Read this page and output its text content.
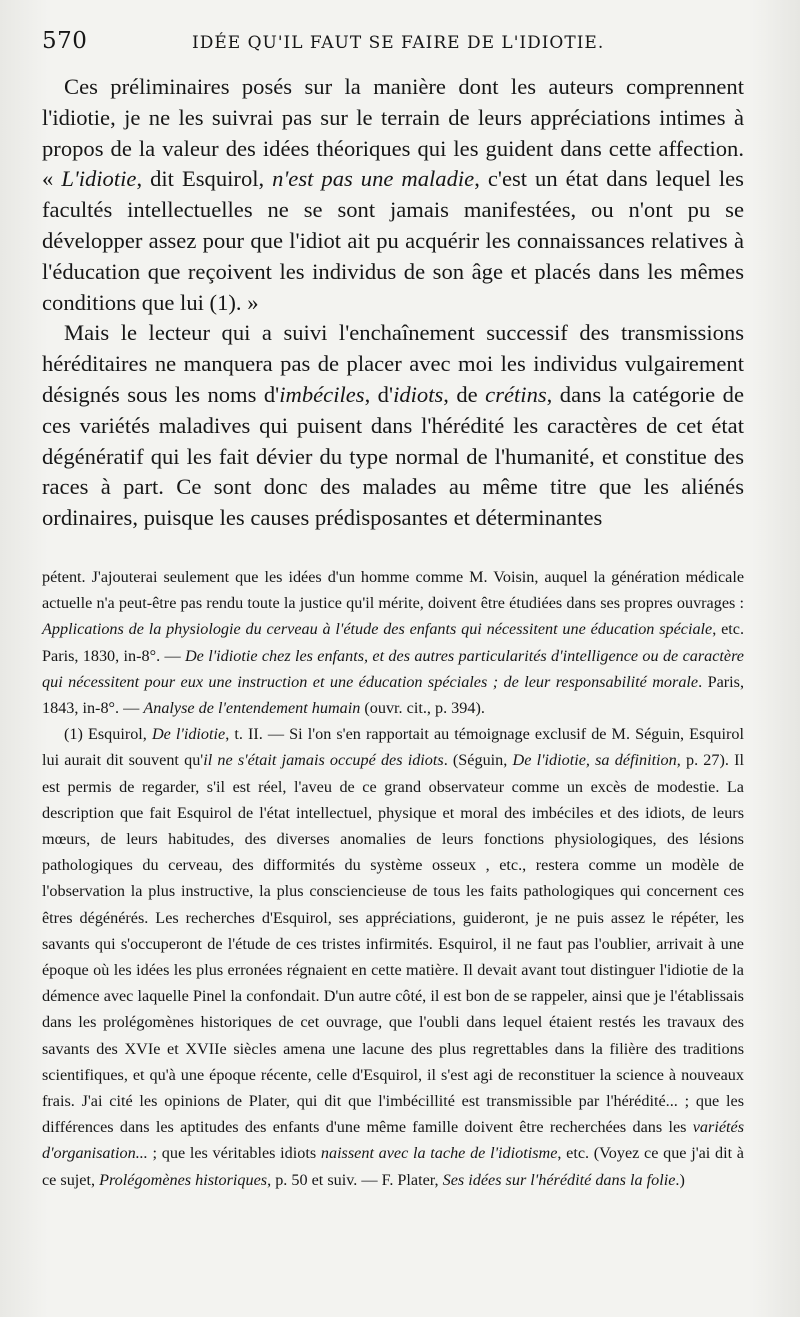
570	IDÉE QU'IL FAUT SE FAIRE DE L'IDIOTIE.

Ces préliminaires posés sur la manière dont les auteurs comprennent l'idiotie, je ne les suivrai pas sur le terrain de leurs appréciations intimes à propos de la valeur des idées théoriques qui les guident dans cette affection. « L'idiotie, dit Esquirol, n'est pas une maladie, c'est un état dans lequel les facultés intellectuelles ne se sont jamais manifestées, ou n'ont pu se développer assez pour que l'idiot ait pu acquérir les connaissances relatives à l'éducation que reçoivent les individus de son âge et placés dans les mêmes conditions que lui (1). »

Mais le lecteur qui a suivi l'enchaînement successif des transmissions héréditaires ne manquera pas de placer avec moi les individus vulgairement désignés sous les noms d'imbéciles, d'idiots, de crétins, dans la catégorie de ces variétés maladives qui puisent dans l'hérédité les caractères de cet état dégénératif qui les fait dévier du type normal de l'humanité, et constitue des races à part. Ce sont donc des malades au même titre que les aliénés ordinaires, puisque les causes prédisposantes et déterminantes

pétent. J'ajouterai seulement que les idées d'un homme comme M. Voisin, auquel la génération médicale actuelle n'a peut-être pas rendu toute la justice qu'il mérite, doivent être étudiées dans ses propres ouvrages : Applications de la physiologie du cerveau à l'étude des enfants qui nécessitent une éducation spéciale, etc. Paris, 1830, in-8°. — De l'idiotie chez les enfants, et des autres particularités d'intelligence ou de caractère qui nécessitent pour eux une instruction et une éducation spéciales ; de leur responsabilité morale. Paris, 1843, in-8°. — Analyse de l'entendement humain (ouvr. cit., p. 394).

(1) Esquirol, De l'idiotie, t. II. — Si l'on s'en rapportait au témoignage exclusif de M. Séguin, Esquirol lui aurait dit souvent qu'il ne s'était jamais occupé des idiots. (Séguin, De l'idiotie, sa définition, p. 27). Il est permis de regarder, s'il est réel, l'aveu de ce grand observateur comme un excès de modestie. La description que fait Esquirol de l'état intellectuel, physique et moral des imbéciles et des idiots, de leurs mœurs, de leurs habitudes, des diverses anomalies de leurs fonctions physiologiques, des lésions pathologiques du cerveau, des difformités du système osseux , etc., restera comme un modèle de l'observation la plus instructive, la plus consciencieuse de tous les faits pathologiques qui concernent ces êtres dégénérés. Les recherches d'Esquirol, ses appréciations, guideront, je ne puis assez le répéter, les savants qui s'occuperont de l'étude de ces tristes infirmités. Esquirol, il ne faut pas l'oublier, arrivait à une époque où les idées les plus erronées régnaient en cette matière. Il devait avant tout distinguer l'idiotie de la démence avec laquelle Pinel la confondait. D'un autre côté, il est bon de se rappeler, ainsi que je l'établissais dans les prolégomènes historiques de cet ouvrage, que l'oubli dans lequel étaient restés les travaux des savants des XVIe et XVIIe siècles amena une lacune des plus regrettables dans la filière des traditions scientifiques, et qu'à une époque récente, celle d'Esquirol, il s'est agi de reconstituer la science à nouveaux frais. J'ai cité les opinions de Plater, qui dit que l'imbécillité est transmissible par l'hérédité... ; que les différences dans les aptitudes des enfants d'une même famille doivent être recherchées dans les variétés d'organisation... ; que les véritables idiots naissent avec la tache de l'idiotisme, etc. (Voyez ce que j'ai dit à ce sujet, Prolégomènes historiques, p. 50 et suiv. — F. Plater, Ses idées sur l'hérédité dans la folie.)
